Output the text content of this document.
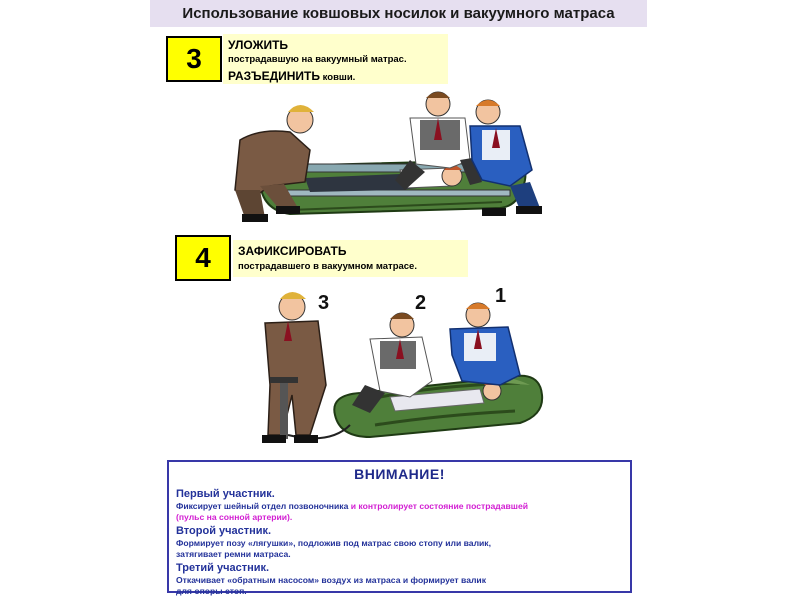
Использование ковшовых носилок и вакуумного матраса
3	УЛОЖИТЬ
пострадавшую на вакуумный матрас.
РАЗЪЕДИНИТЬ ковши.
4	ЗАФИКСИРОВАТЬ
пострадавшего в вакуумном матрасе.
3	2	1
ВНИМАНИЕ!

Первый участник.

Фиксирует шейный отдел позвоночника и контролирует состояние пострадавшей

(пульс на сонной артерии).

Второй участник.

Формирует позу «лягушки», подложив под матрас свою стопу или валик,

затягивает ремни матраса.

Третий участник.

Откачивает «обратным насосом» воздух из матраса и формирует валик

для опоры стоп.
